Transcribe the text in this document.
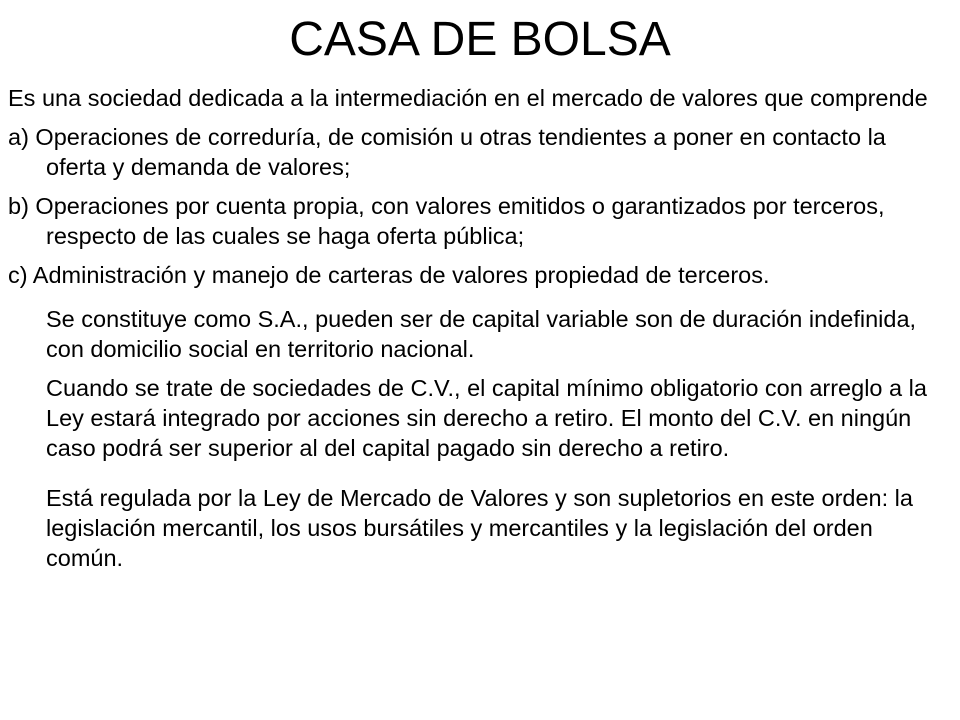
CASA DE BOLSA

Es una sociedad dedicada a la intermediación en el mercado de valores que comprende

a) Operaciones de correduría, de comisión u otras tendientes a poner en contacto la oferta y demanda de valores;

b) Operaciones por cuenta propia, con valores emitidos o garantizados por terceros, respecto de las cuales se haga oferta pública;

c) Administración y manejo de carteras de valores propiedad de terceros.

Se constituye como S.A., pueden ser de capital variable son de duración indefinida, con domicilio social en territorio nacional.

Cuando se trate de sociedades de C.V., el capital mínimo obligatorio con arreglo a la Ley estará integrado por acciones sin derecho a retiro. El monto del C.V. en ningún caso podrá ser superior al del capital pagado sin derecho a retiro.

Está regulada por la Ley de Mercado de Valores y son supletorios en este orden: la legislación mercantil, los usos bursátiles y mercantiles y la legislación del orden común.
